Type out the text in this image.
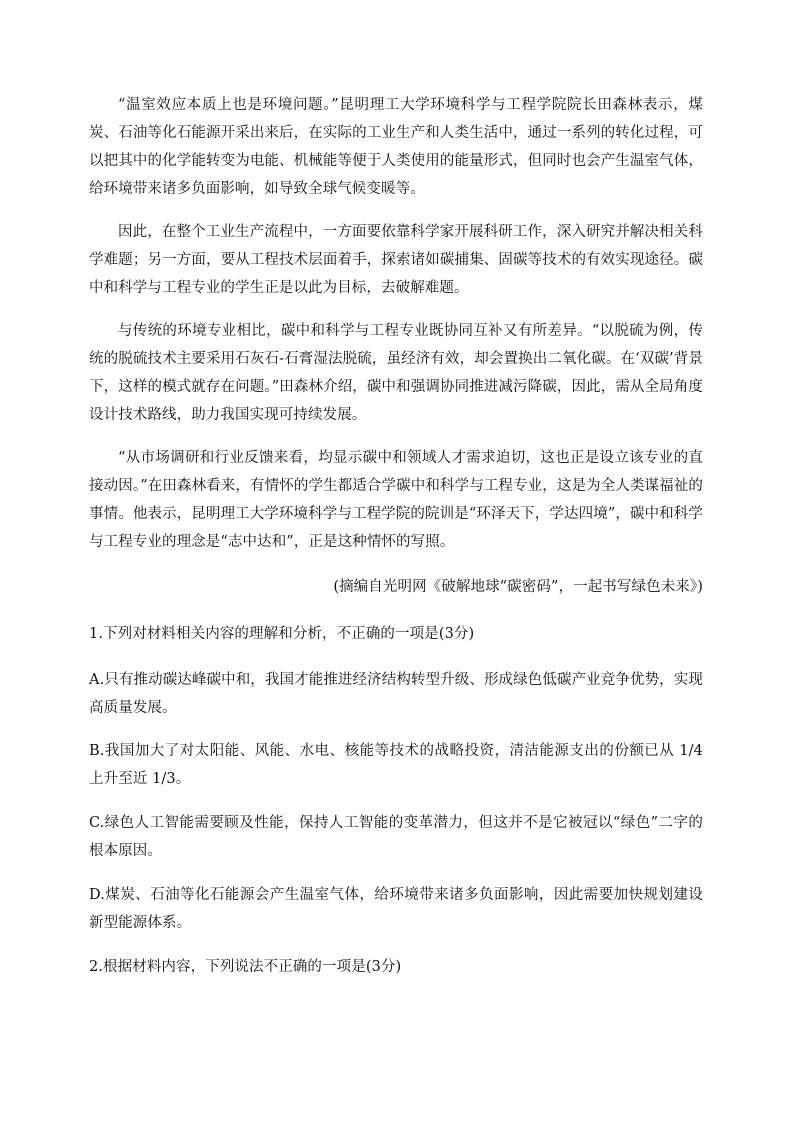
“温室效应本质上也是环境问题。”昆明理工大学环境科学与工程学院院长田森林表示，煤炭、石油等化石能源开采出来后，在实际的工业生产和人类生活中，通过一系列的转化过程，可以把其中的化学能转变为电能、机械能等便于人类使用的能量形式，但同时也会产生温室气体，给环境带来诸多负面影响，如导致全球气候变暖等。

因此，在整个工业生产流程中，一方面要依靠科学家开展科研工作，深入研究并解决相关科学难题；另一方面，要从工程技术层面着手，探索诸如碳捕集、固碳等技术的有效实现途径。碳中和科学与工程专业的学生正是以此为目标，去破解难题。

与传统的环境专业相比，碳中和科学与工程专业既协同互补又有所差异。“以脱硫为例，传统的脱硫技术主要采用石灰石-石膏湿法脱硫，虽经济有效，却会置换出二氧化碳。在‘双碳’背景下，这样的模式就存在问题。”田森林介绍，碳中和强调协同推进减污降碳，因此，需从全局角度设计技术路线，助力我国实现可持续发展。

“从市场调研和行业反馈来看，均显示碳中和领域人才需求迫切，这也正是设立该专业的直接动因。”在田森林看来，有情怀的学生都适合学碳中和科学与工程专业，这是为全人类谋福祉的事情。他表示，昆明理工大学环境科学与工程学院的院训是“环泽天下，学达四境”，碳中和科学与工程专业的理念是“志中达和”，正是这种情怀的写照。

(摘编自光明网《破解地球“碳密码”，一起书写绿色未来》)

1.下列对材料相关内容的理解和分析，不正确的一项是(3分)

A.只有推动碳达峰碳中和，我国才能推进经济结构转型升级、形成绿色低碳产业竞争优势，实现高质量发展。

B.我国加大了对太阳能、风能、水电、核能等技术的战略投资，清洁能源支出的份额已从 1/4 上升至近 1/3。

C.绿色人工智能需要顾及性能，保持人工智能的变革潜力，但这并不是它被冠以“绿色”二字的根本原因。

D.煤炭、石油等化石能源会产生温室气体，给环境带来诸多负面影响，因此需要加快规划建设新型能源体系。

2.根据材料内容，下列说法不正确的一项是(3分)
